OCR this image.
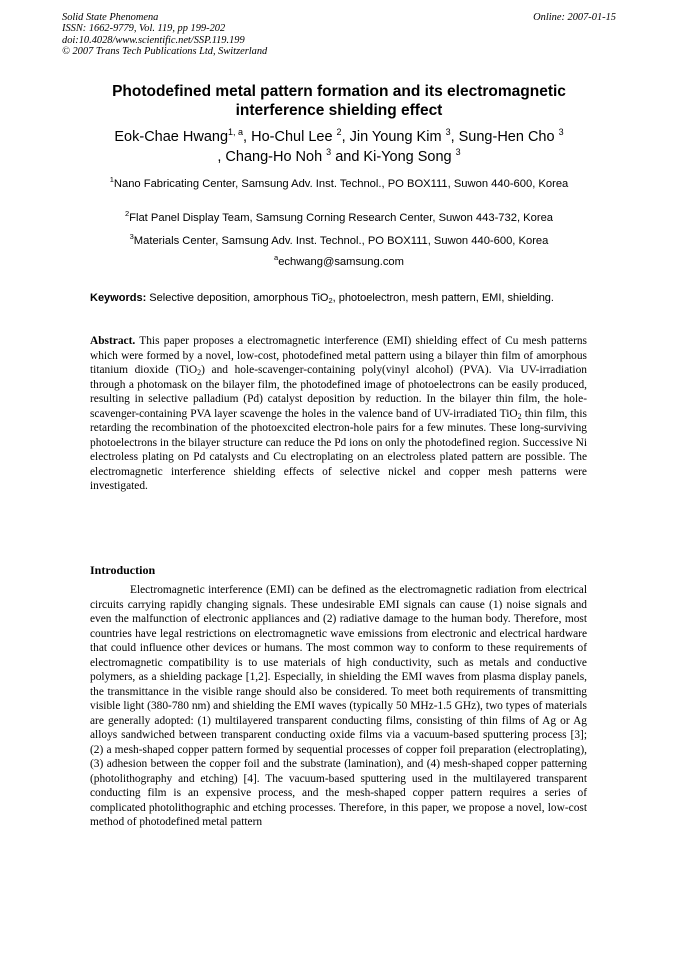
Solid State Phenomena
ISSN: 1662-9779, Vol. 119, pp 199-202
doi:10.4028/www.scientific.net/SSP.119.199
© 2007 Trans Tech Publications Ltd, Switzerland
Online: 2007-01-15
Photodefined metal pattern formation and its electromagnetic interference shielding effect
Eok-Chae Hwang$^{1, a}$, Ho-Chul Lee $^2$, Jin Young Kim $^3$, Sung-Hen Cho $^3$
, Chang-Ho Noh $^3$ and Ki-Yong Song $^3$
$^1$Nano Fabricating Center, Samsung Adv. Inst. Technol., PO BOX111, Suwon 440-600, Korea
$^2$Flat Panel Display Team, Samsung Corning Research Center, Suwon 443-732, Korea
$^3$Materials Center, Samsung Adv. Inst. Technol., PO BOX111, Suwon 440-600, Korea
$^a$echwang@samsung.com
Keywords: Selective deposition, amorphous TiO$_2$, photoelectron, mesh pattern, EMI, shielding.
Abstract. This paper proposes a electromagnetic interference (EMI) shielding effect of Cu mesh patterns which were formed by a novel, low-cost, photodefined metal pattern using a bilayer thin film of amorphous titanium dioxide (TiO$_2$) and hole-scavenger-containing poly(vinyl alcohol) (PVA). Via UV-irradiation through a photomask on the bilayer film, the photodefined image of photoelectrons can be easily produced, resulting in selective palladium (Pd) catalyst deposition by reduction. In the bilayer thin film, the hole-scavenger-containing PVA layer scavenge the holes in the valence band of UV-irradiated TiO$_2$ thin film, this retarding the recombination of the photoexcited electron-hole pairs for a few minutes. These long-surviving photoelectrons in the bilayer structure can reduce the Pd ions on only the photodefined region. Successive Ni electroless plating on Pd catalysts and Cu electroplating on an electroless plated pattern are possible. The electromagnetic interference shielding effects of selective nickel and copper mesh patterns were investigated.
Introduction
Electromagnetic interference (EMI) can be defined as the electromagnetic radiation from electrical circuits carrying rapidly changing signals. These undesirable EMI signals can cause (1) noise signals and even the malfunction of electronic appliances and (2) radiative damage to the human body. Therefore, most countries have legal restrictions on electromagnetic wave emissions from electronic and electrical hardware that could influence other devices or humans. The most common way to conform to these requirements of electromagnetic compatibility is to use materials of high conductivity, such as metals and conductive polymers, as a shielding package [1,2]. Especially, in shielding the EMI waves from plasma display panels, the transmittance in the visible range should also be considered. To meet both requirements of transmitting visible light (380-780 nm) and shielding the EMI waves (typically 50 MHz-1.5 GHz), two types of materials are generally adopted: (1) multilayered transparent conducting films, consisting of thin films of Ag or Ag alloys sandwiched between transparent conducting oxide films via a vacuum-based sputtering process [3]; (2) a mesh-shaped copper pattern formed by sequential processes of copper foil preparation (electroplating), (3) adhesion between the copper foil and the substrate (lamination), and (4) mesh-shaped copper patterning (photolithography and etching) [4]. The vacuum-based sputtering used in the multilayered transparent conducting film is an expensive process, and the mesh-shaped copper pattern requires a series of complicated photolithographic and etching processes. Therefore, in this paper, we propose a novel, low-cost method of photodefined metal pattern
